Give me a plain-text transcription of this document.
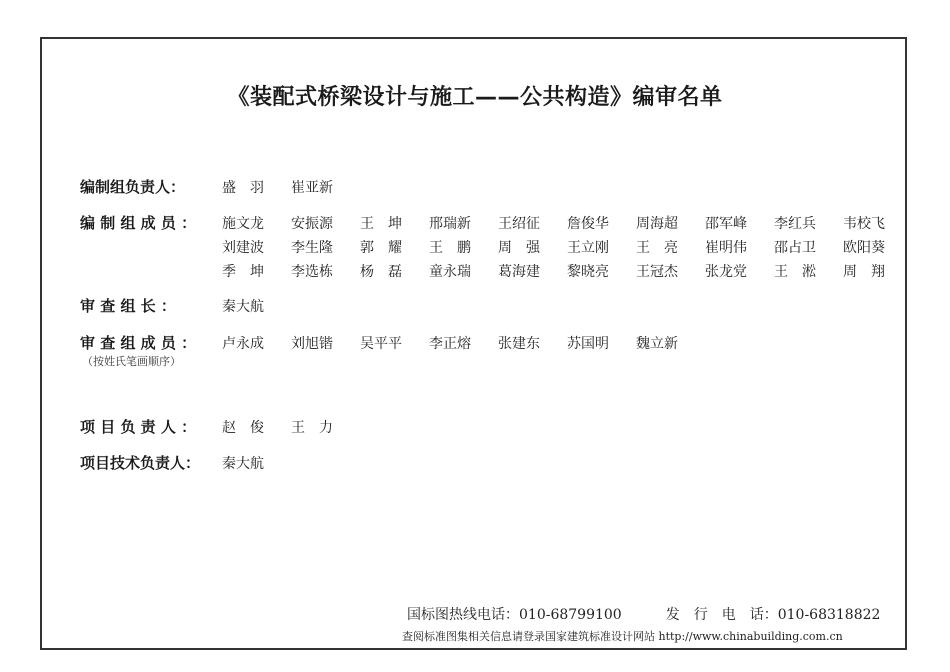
《装配式桥梁设计与施工——公共构造》编审名单
编制组负责人：	盛　羽 崔亚新
编 制 组 成 员 ： 施文龙 安振源 王　坤 邢瑞新 王绍征 詹俊华 周海超 邵军峰 李红兵 韦校飞
刘建波 李生隆 郭　耀 王　鹏 周　强 王立刚 王　亮 崔明伟 邵占卫 欧阳葵
季　坤 李选栋 杨　磊 童永瑞 葛海建 黎晓亮 王冠杰 张龙党 王　淞 周　翔
审 查 组 长 ：	秦大航
审 查 组 成 员 ：
（按姓氏笔画顺序）
卢永成 刘旭锴 吴平平 李正熔 张建东 苏国明 魏立新
项 目 负 责 人 ： 赵　俊 王　力
项目技术负责人： 秦大航
国标图热线电话：010-68799100	发　行　电　话：010-68318822
查阅标准图集相关信息请登录国家建筑标准设计网站 http://www.chinabuilding.com.cn
